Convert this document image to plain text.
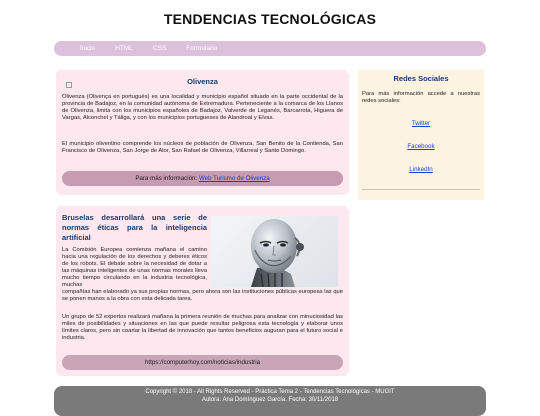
TENDENCIAS TECNOLÓGICAS
Inicio	HTML	CSS	Formulario
Olivenza

Olivenza (Olivença en portugués) es una localidad y municipio español situado en la parte occidental de la provincia de Badajoz, en la comunidad autónoma de Extremadura. Perteneciente a la comarca de los Llanos de Olivenza, limita con los municipios españoles de Badajoz, Valverde de Leganés, Barcarrota, Higuera de Vargas, Alconchel y Táliga, y con los municipios portugueses de Alandroal y Elvas.

El municipio oliventino comprende los núcleos de población de Olivenza, San Benito de la Contienda, San Francisco de Olivenza, San Jorge de Alor, San Rafael de Olivenza, Villarreal y Santo Domingo.

Para más información: Web Turismo de Olivenza

Bruselas desarrollará una serie de normas éticas para la inteligencia artificial

La Comisión Europea comienza mañana el camino hacia una regulación de los derechos y deberes éticos de los robots. El debate sobre la necesidad de dotar a las máquinas inteligentes de unas normas morales lleva mucho tiempo circulando en la industria tecnológica, muchas

compañías han elaborado ya sus propias normas, pero ahora son las instituciones públicas europeas las que se ponen manos a la obra con esta delicada tarea.

Un grupo de 52 expertos realizará mañana la primera reunión de muchas para analizar con minuciosidad las miles de posibilidades y situaciones en las que puede resultar peligrosa esta tecnología y elaborar unos límites claros, pero sin coartar la libertad de innovación que tantos beneficios auguran para el futuro social e industria.

https://computerhoy.com/noticias/industria
Redes Sociales

Para más información accede a nuestras redes sociales:

Twitter
Facebook
LinkedIn
Copyright © 2018 - All Rights Reserved - Práctica Tema 2 - Tendencias Tecnológicas - MUGIT
Autora: Ana Domínguez García. Fecha: 30/11/2018
